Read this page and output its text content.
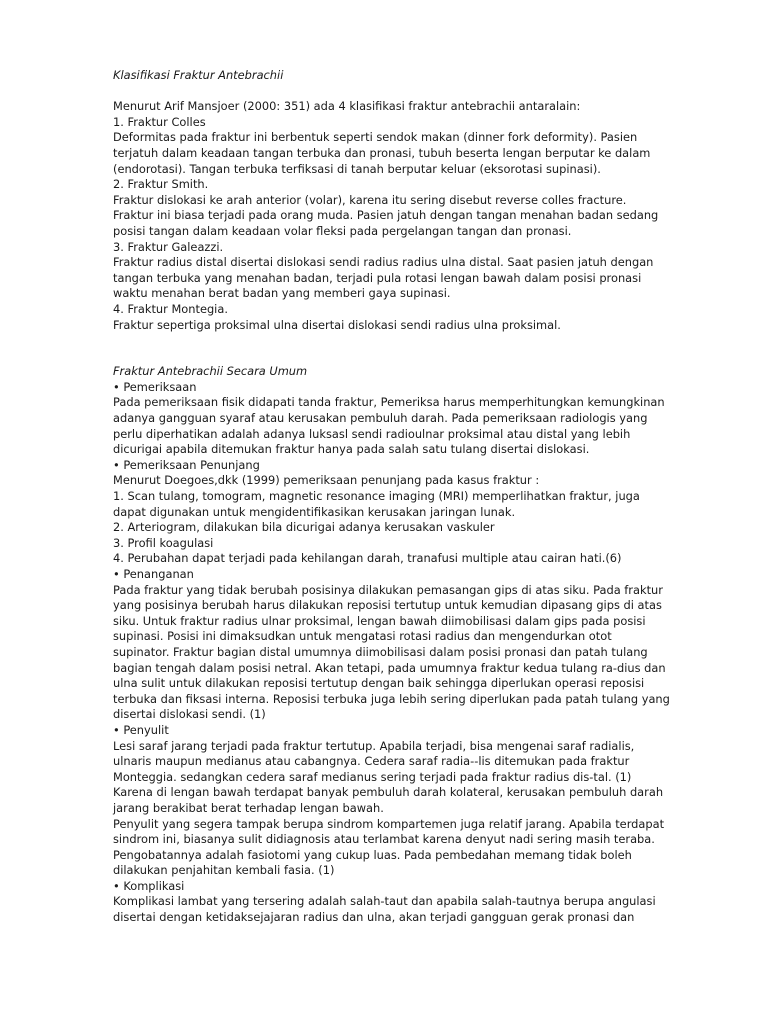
Klasifikasi Fraktur Antebrachii
Menurut Arif Mansjoer (2000: 351) ada 4 klasifikasi fraktur antebrachii antaralain:
1. Fraktur Colles
Deformitas pada fraktur ini berbentuk seperti sendok makan (dinner fork deformity). Pasien
terjatuh dalam keadaan tangan terbuka dan pronasi, tubuh beserta lengan berputar ke dalam
(endorotasi). Tangan terbuka terfiksasi di tanah berputar keluar (eksorotasi supinasi).
2. Fraktur Smith.
Fraktur dislokasi ke arah anterior (volar), karena itu sering disebut reverse colles fracture.
Fraktur ini biasa terjadi pada orang muda. Pasien jatuh dengan tangan menahan badan sedang
posisi tangan dalam keadaan volar fleksi pada pergelangan tangan dan pronasi.
3. Fraktur Galeazzi.
Fraktur radius distal disertai dislokasi sendi radius radius ulna distal. Saat pasien jatuh dengan
tangan terbuka yang menahan badan, terjadi pula rotasi lengan bawah dalam posisi pronasi
waktu menahan berat badan yang memberi gaya supinasi.
4. Fraktur Montegia.
Fraktur sepertiga proksimal ulna disertai dislokasi sendi radius ulna proksimal.
Fraktur Antebrachii Secara Umum
• Pemeriksaan
Pada pemeriksaan fisik didapati tanda fraktur, Pemeriksa harus memperhitungkan kemungkinan
adanya gangguan syaraf atau kerusakan pembuluh darah. Pada pemeriksaan radiologis yang
perlu diperhatikan adalah adanya luksasl sendi radioulnar proksimal atau distal yang lebih
dicurigai apabila ditemukan fraktur hanya pada salah satu tulang disertai dislokasi.
• Pemeriksaan Penunjang
Menurut Doegoes,dkk (1999) pemeriksaan penunjang pada kasus fraktur :
1. Scan tulang, tomogram, magnetic resonance imaging (MRI) memperlihatkan fraktur, juga
dapat digunakan untuk mengidentifikasikan kerusakan jaringan lunak.
2. Arteriogram, dilakukan bila dicurigai adanya kerusakan vaskuler
3. Profil koagulasi
4. Perubahan dapat terjadi pada kehilangan darah, tranafusi multiple atau cairan hati.(6)
• Penanganan
Pada fraktur yang tidak berubah posisinya dilakukan pemasangan gips di atas siku. Pada fraktur
yang posisinya berubah harus dilakukan reposisi tertutup untuk kemudian dipasang gips di atas
siku. Untuk fraktur radius ulnar proksimal, lengan bawah diimobilisasi dalam gips pada posisi
supinasi. Posisi ini dimaksudkan untuk mengatasi rotasi radius dan mengendurkan otot
supinator. Fraktur bagian distal umumnya diimobilisasi dalam posisi pronasi dan patah tulang
bagian tengah dalam posisi netral. Akan tetapi, pada umumnya fraktur kedua tulang ra-dius dan
ulna sulit untuk dilakukan reposisi tertutup dengan baik sehingga diperlukan operasi reposisi
terbuka dan fiksasi interna. Reposisi terbuka juga lebih sering diperlukan pada patah tulang yang
disertai dislokasi sendi. (1)
• Penyulit
Lesi saraf jarang terjadi pada fraktur tertutup. Apabila terjadi, bisa mengenai saraf radialis,
ulnaris maupun medianus atau cabangnya. Cedera saraf radia--lis ditemukan pada fraktur
Monteggia. sedangkan cedera saraf medianus sering terjadi pada fraktur radius dis-tal. (1)
Karena di lengan bawah terdapat banyak pembuluh darah kolateral, kerusakan pembuluh darah
jarang berakibat berat terhadap lengan bawah.
Penyulit yang segera tampak berupa sindrom kompartemen juga relatif jarang. Apabila terdapat
sindrom ini, biasanya sulit didiagnosis atau terlambat karena denyut nadi sering masih teraba.
Pengobatannya adalah fasiotomi yang cukup luas. Pada pembedahan memang tidak boleh
dilakukan penjahitan kembali fasia. (1)
• Komplikasi
Komplikasi lambat yang tersering adalah salah-taut dan apabila salah-tautnya berupa angulasi
disertai dengan ketidaksejajaran radius dan ulna, akan terjadi gangguan gerak pronasi dan
